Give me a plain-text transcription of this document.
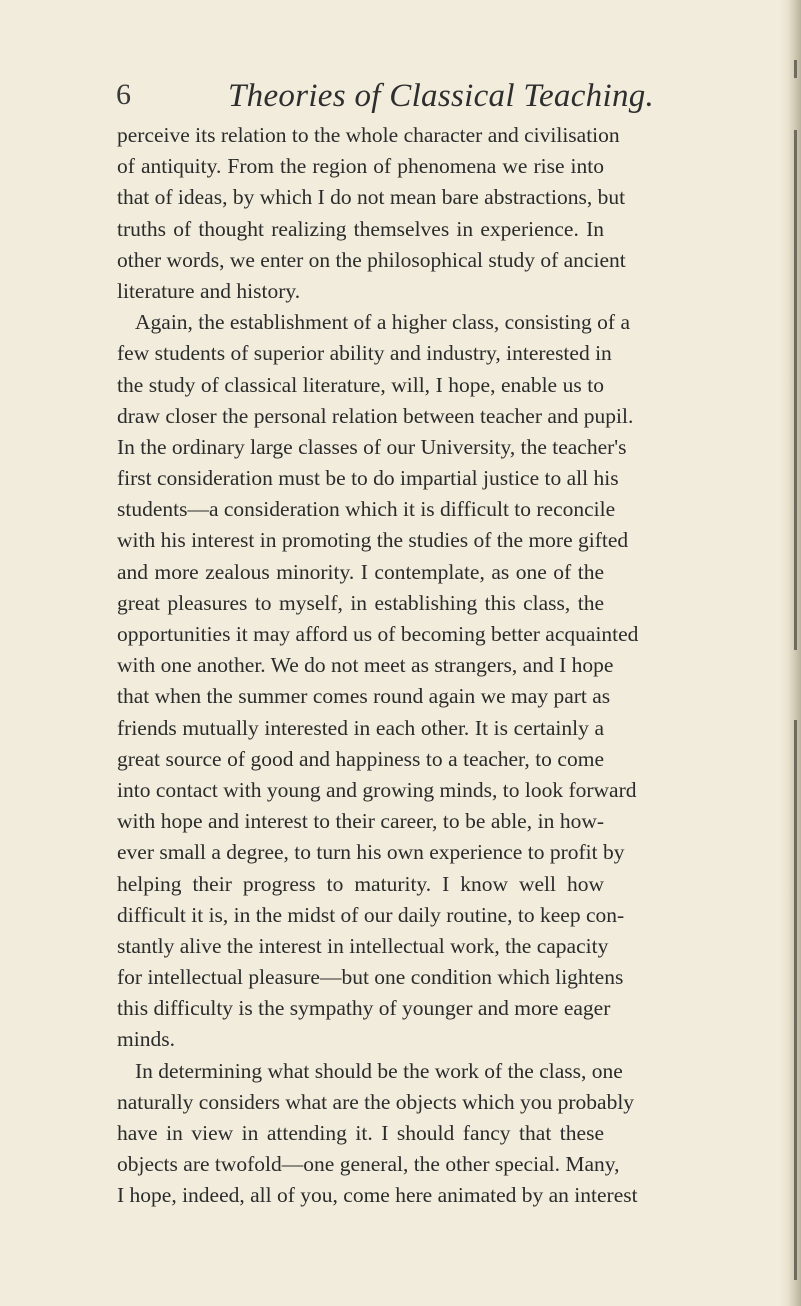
6	Theories of Classical Teaching.
perceive its relation to the whole character and civilisation
of antiquity. From the region of phenomena we rise into
that of ideas, by which I do not mean bare abstractions, but
truths of thought realizing themselves in experience. In
other words, we enter on the philosophical study of ancient
literature and history.
Again, the establishment of a higher class, consisting of a
few students of superior ability and industry, interested in
the study of classical literature, will, I hope, enable us to
draw closer the personal relation between teacher and pupil.
In the ordinary large classes of our University, the teacher's
first consideration must be to do impartial justice to all his
students—a consideration which it is difficult to reconcile
with his interest in promoting the studies of the more gifted
and more zealous minority. I contemplate, as one of the
great pleasures to myself, in establishing this class, the
opportunities it may afford us of becoming better acquainted
with one another. We do not meet as strangers, and I hope
that when the summer comes round again we may part as
friends mutually interested in each other. It is certainly a
great source of good and happiness to a teacher, to come
into contact with young and growing minds, to look forward
with hope and interest to their career, to be able, in how-
ever small a degree, to turn his own experience to profit by
helping their progress to maturity. I know well how
difficult it is, in the midst of our daily routine, to keep con-
stantly alive the interest in intellectual work, the capacity
for intellectual pleasure—but one condition which lightens
this difficulty is the sympathy of younger and more eager
minds.
In determining what should be the work of the class, one
naturally considers what are the objects which you probably
have in view in attending it. I should fancy that these
objects are twofold—one general, the other special. Many,
I hope, indeed, all of you, come here animated by an interest
